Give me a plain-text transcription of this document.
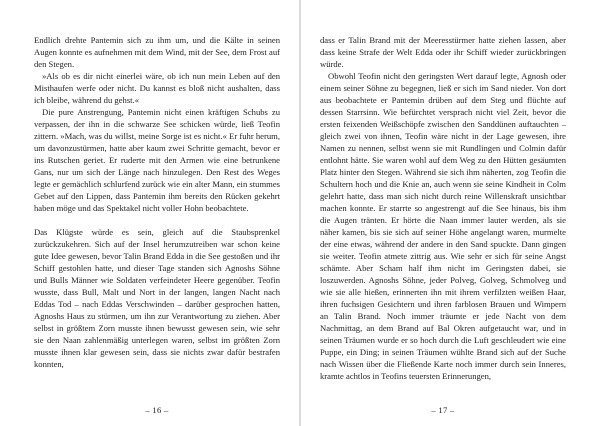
Endlich drehte Pantemin sich zu ihm um, und die Kälte in seinen Augen konnte es aufnehmen mit dem Wind, mit der See, dem Frost auf den Stegen.

»Als ob es dir nicht einerlei wäre, ob ich nun mein Leben auf den Misthaufen werfe oder nicht. Du kannst es bloß nicht aushalten, dass ich bleibe, während du gehst.«

Die pure Anstrengung, Pantemin nicht einen kräftigen Schubs zu verpassen, der ihn in die schwarze See schicken würde, ließ Teofin zittern. »Mach, was du willst, meine Sorge ist es nicht.« Er fuhr herum, um davonzustürmen, hatte aber kaum zwei Schritte gemacht, bevor er ins Rutschen geriet. Er ruderte mit den Armen wie eine betrunkene Gans, nur um sich der Länge nach hinzulegen. Den Rest des Weges legte er gemächlich schlurfend zurück wie ein alter Mann, ein stummes Gebet auf den Lippen, dass Pantemin ihm bereits den Rücken gekehrt haben möge und das Spektakel nicht voller Hohn beobachtete.

Das Klügste würde es sein, gleich auf die Staubsprenkel zurückzukehren. Sich auf der Insel herumzutreiben war schon keine gute Idee gewesen, bevor Talin Brand Edda in die See gestoßen und ihr Schiff gestohlen hatte, und dieser Tage standen sich Agnoshs Söhne und Bulls Männer wie Soldaten verfeindeter Heere gegenüber. Teofin wusste, dass Bull, Malt und Nort in der langen, langen Nacht nach Eddas Tod – nach Eddas Verschwinden – darüber gesprochen hatten, Agnoshs Haus zu stürmen, um ihn zur Verantwortung zu ziehen. Aber selbst in größtem Zorn musste ihnen bewusst gewesen sein, wie sehr sie den Naan zahlenmäßig unterlegen waren, selbst im größten Zorn musste ihnen klar gewesen sein, dass sie nichts zwar dafür bestrafen konnten,

– 16 –

dass er Talin Brand mit der Meeresstürmer hatte ziehen lassen, aber dass keine Strafe der Welt Edda oder ihr Schiff wieder zurückbringen würde.

Obwohl Teofin nicht den geringsten Wert darauf legte, Agnosh oder einem seiner Söhne zu begegnen, ließ er sich im Sand nieder. Von dort aus beobachtete er Pantemin drüben auf dem Steg und flüchte auf dessen Starrsinn. Wie befürchtet versprach nicht viel Zeit, bevor die ersten feixenden Weißschöpfe zwischen den Sanddünen auftauchten – gleich zwei von ihnen, Teofin wäre nicht in der Lage gewesen, ihre Namen zu nennen, selbst wenn sie mit Rundlingen und Colmin dafür entlohnt hätte. Sie waren wohl auf dem Weg zu den Hütten gesäumten Platz hinter den Stegen. Während sie sich ihm näherten, zog Teofin die Schultern hoch und die Knie an, auch wenn sie seine Kindheit in Colm gelehrt hatte, dass man sich nicht durch reine Willenskraft unsichtbar machen konnte. Er starrte so angestrengt auf die See hinaus, bis ihm die Augen tränten. Er hörte die Naan immer lauter werden, als sie näher kamen, bis sie sich auf seiner Höhe angelangt waren, murmelte der eine etwas, während der andere in den Sand spuckte. Dann gingen sie weiter. Teofin atmete zittrig aus. Wie sehr er sich für seine Angst schämte. Aber Scham half ihm nicht im Geringsten dabei, sie loszuwerden. Agnoshs Söhne, jeder Polveg, Golveg, Schmolveg und wie sie alle hießen, erinnerten ihn mit ihrem verfilzten weißen Haar, ihren fuchsigen Gesichtern und ihren farblosen Brauen und Wimpern an Talin Brand. Noch immer träumte er jede Nacht von dem Nachmittag, an dem Brand auf Bal Okren aufgetaucht war, und in seinen Träumen wurde er so hoch durch die Luft geschleudert wie eine Puppe, ein Ding; in seinen Träumen wühlte Brand sich auf der Suche nach Wissen über die Fließende Karte noch immer durch sein Inneres, kramte achtlos in Teofins teuersten Erinnerungen,

– 17 –
